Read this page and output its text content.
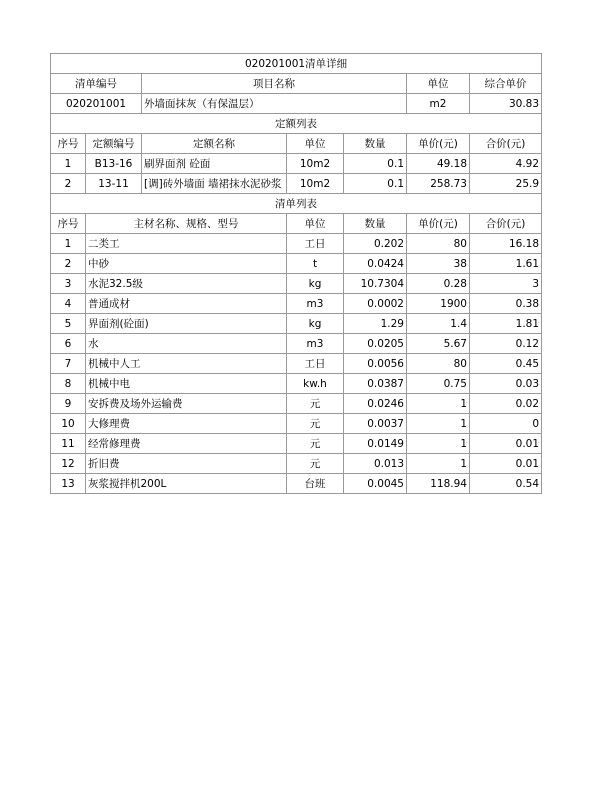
020201001清单详细						
清单编号		项目名称			单位	综合单价
020201001		外墙面抹灰（有保温层）			m2	30.83
定额列表						
序号	定额编号	定额名称	单位	数量	单价(元)	合价(元)
1	B13-16	刷界面剂 砼面	10m2	0.1	49.18	4.92
2	13-11	[调]砖外墙面 墙裙抹水泥砂浆	10m2	0.1	258.73	25.9
清单列表						
序号	主材名称、规格、型号		单位	数量	单价(元)	合价(元)
1	二类工		工日	0.202	80	16.18
2	中砂		t	0.0424	38	1.61
3	水泥32.5级		kg	10.7304	0.28	3
4	普通成材		m3	0.0002	1900	0.38
5	界面剂(砼面)		kg	1.29	1.4	1.81
6	水		m3	0.0205	5.67	0.12
7	机械中人工		工日	0.0056	80	0.45
8	机械中电		kw.h	0.0387	0.75	0.03
9	安拆费及场外运输费		元	0.0246	1	0.02
10	大修理费		元	0.0037	1	0
11	经常修理费		元	0.0149	1	0.01
12	折旧费		元	0.013	1	0.01
13	灰浆搅拌机200L		台班	0.0045	118.94	0.54
